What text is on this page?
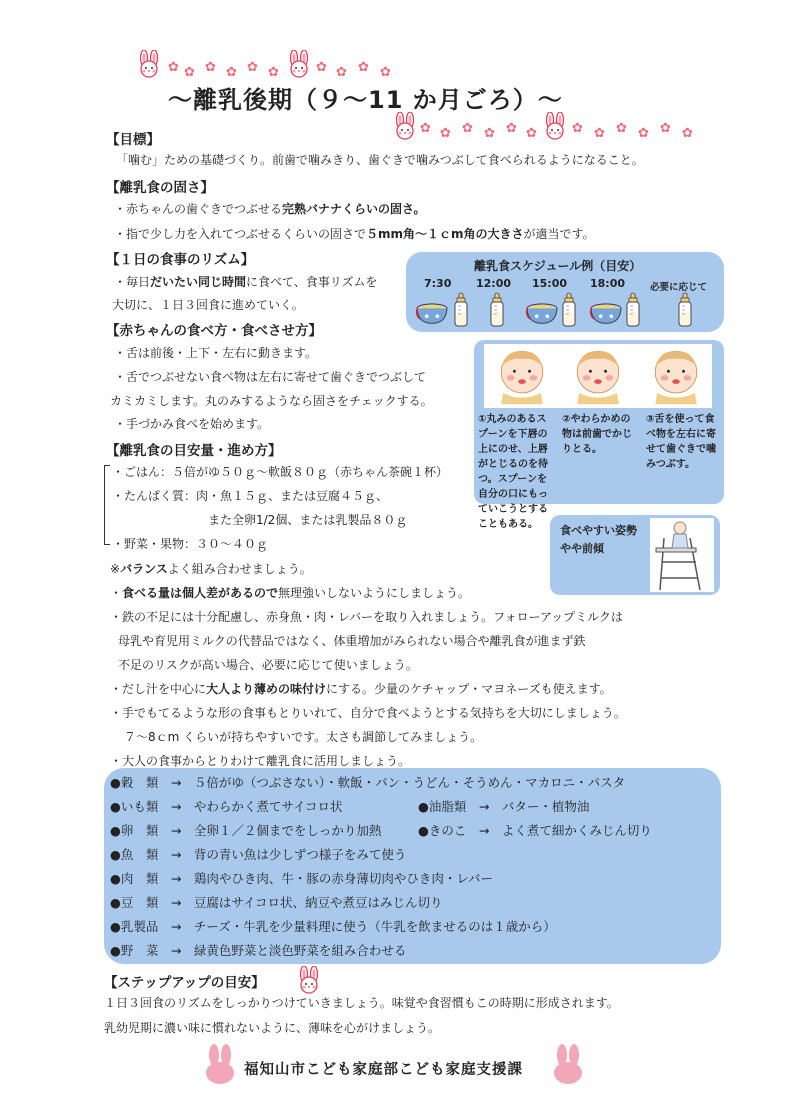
✿ ✿ ✿ ✿ ✿ ✿	✿ ✿ ✿ ✿
✿ ✿ ✿ ✿ ✿ ✿	✿ ✿ ✿ ✿ ✿ ✿
～離乳後期（９～11 か月ごろ）～
【目標】
「噛む」ための基礎づくり。前歯で噛みきり、歯ぐきで噛みつぶして食べられるようになること。
【離乳食の固さ】
・赤ちゃんの歯ぐきでつぶせる完熟バナナくらいの固さ。
・指で少し力を入れてつぶせるくらいの固さで５mm角～１ｃm角の大きさが適当です。
【１日の食事のリズム】
・毎日だいたい同じ時間に食べて、食事リズムを
大切に、１日３回食に進めていく。
離乳食スケジュール例（目安）
7:30 12:00 15:00 18:00	必要に応じて
【赤ちゃんの食べ方・食べさせ方】
・舌は前後・上下・左右に動きます。
・舌でつぶせない食べ物は左右に寄せて歯ぐきでつぶして
カミカミします。丸のみするようなら固さをチェックする。
・手づかみ食べを始めます。	①丸みのあるスプーンを下唇の上にのせ、上唇がとじるのを待つ。スプーンを自分の口にもっていこうとすることもある。
②やわらかめの物は前歯でかじりとる。
③舌を使って食べ物を左右に寄せて歯ぐきで噛みつぶす。
【離乳食の目安量・進め方】
・ごはん：５倍がゆ５０ｇ～軟飯８０ｇ（赤ちゃん茶碗１杯）
・たんぱく質：肉・魚１５ｇ、または豆腐４５ｇ、
また全卵1/2個、または乳製品８０ｇ
・野菜・果物：３０～４０ｇ
食べやすい姿勢
やや前傾
※バランスよく組み合わせましょう。
・食べる量は個人差があるので無理強いしないようにしましょう。
・鉄の不足には十分配慮し、赤身魚・肉・レバーを取り入れましょう。フォローアップミルクは
母乳や育児用ミルクの代替品ではなく、体重増加がみられない場合や離乳食が進まず鉄
不足のリスクが高い場合、必要に応じて使いましょう。
・だし汁を中心に大人より薄めの味付けにする。少量のケチャップ・マヨネーズも使えます。
・手でもてるような形の食事もとりいれて、自分で食べようとする気持ちを大切にしましょう。
７～8ｃm くらいが持ちやすいです。太さも調節してみましょう。
・大人の食事からとりわけて離乳食に活用しましょう。
●穀　類　→　５倍がゆ（つぶさない）・軟飯・パン・うどん・そうめん・マカロニ・パスタ
●いも類　→　やわらかく煮てサイコロ状	●油脂類　→　バター・植物油
●卵　類　→　全卵１／２個までをしっかり加熱	●きのこ　→　よく煮て細かくみじん切り
●魚　類　→　背の青い魚は少しずつ様子をみて使う
●肉　類　→　鶏肉やひき肉、牛・豚の赤身薄切肉やひき肉・レバー
●豆　類　→　豆腐はサイコロ状、納豆や煮豆はみじん切り
●乳製品　→　チーズ・牛乳を少量料理に使う（牛乳を飲ませるのは１歳から）
●野　菜　→　緑黄色野菜と淡色野菜を組み合わせる
【ステップアップの目安】
１日３回食のリズムをしっかりつけていきましょう。味覚や食習慣もこの時期に形成されます。
乳幼児期に濃い味に慣れないように、薄味を心がけましょう。
福知山市こども家庭部こども家庭支援課
